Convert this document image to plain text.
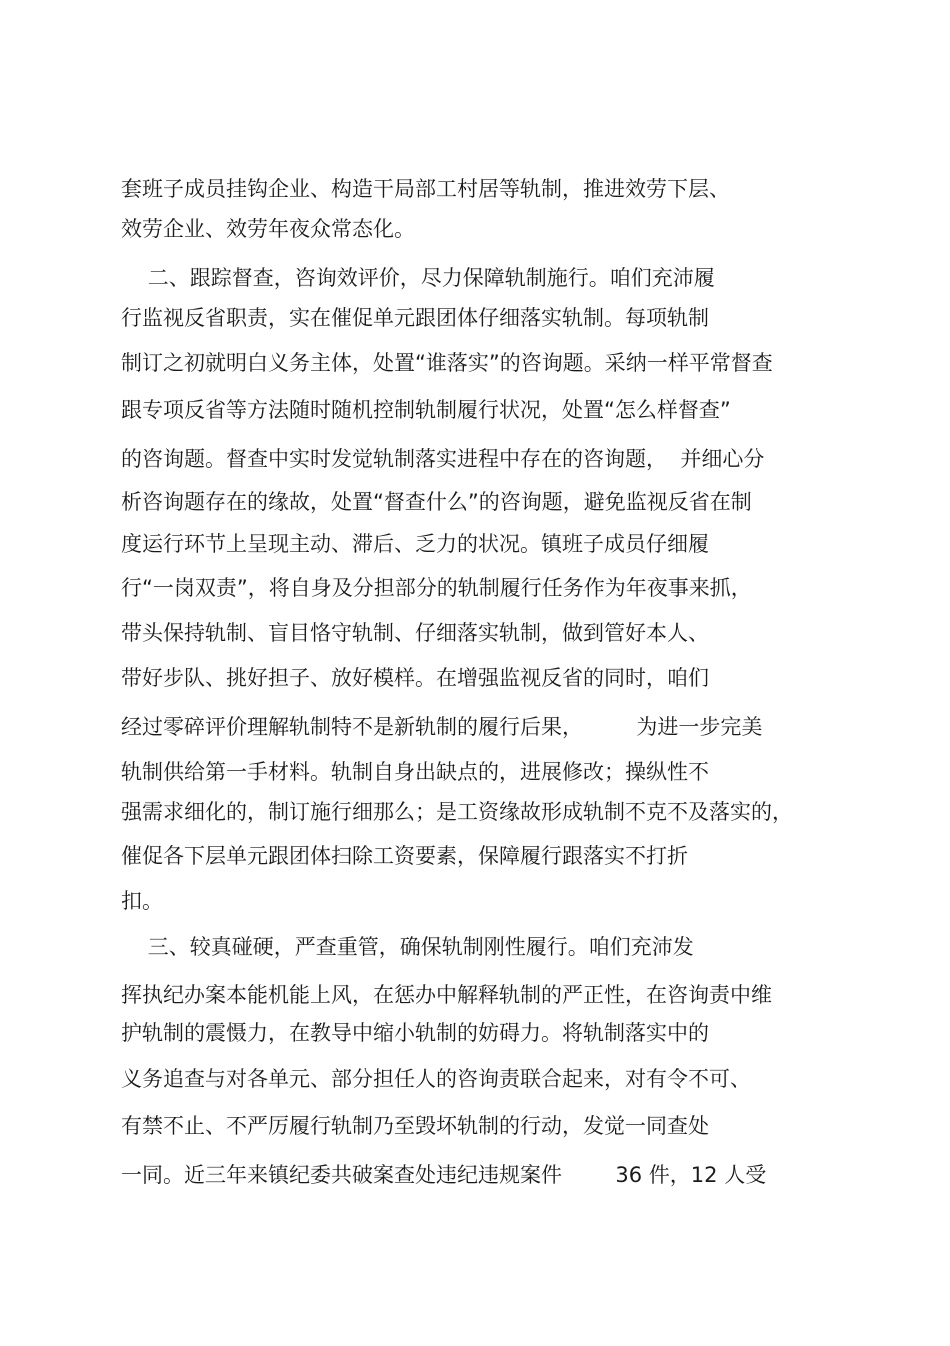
套班子成员挂钩企业、构造干局部工村居等轨制，推进效劳下层、
效劳企业、效劳年夜众常态化。
二、跟踪督查，咨询效评价，尽力保障轨制施行。咱们充沛履
行监视反省职责，实在催促单元跟团体仔细落实轨制。每项轨制
制订之初就明白义务主体，处置“谁落实”的咨询题。采纳一样平常督查
跟专项反省等方法随时随机控制轨制履行状况，处置“怎么样督查”
的咨询题。督查中实时发觉轨制落实进程中存在的咨询题，  并细心分
析咨询题存在的缘故，处置“督查什么”的咨询题，避免监视反省在制
度运行环节上呈现主动、滞后、乏力的状况。镇班子成员仔细履
行“一岗双责”，将自身及分担部分的轨制履行任务作为年夜事来抓，
带头保持轨制、盲目恪守轨制、仔细落实轨制，做到管好本人、
带好步队、挑好担子、放好模样。在增强监视反省的同时，咱们
经过零碎评价理解轨制特不是新轨制的履行后果，        为进一步完美
轨制供给第一手材料。轨制自身出缺点的，进展修改；操纵性不
强需求细化的，制订施行细那么；是工资缘故形成轨制不克不及落实的，
催促各下层单元跟团体扫除工资要素，保障履行跟落实不打折
扣。
三、较真碰硬，严查重管，确保轨制刚性履行。咱们充沛发
挥执纪办案本能机能上风，在惩办中解释轨制的严正性，在咨询责中维
护轨制的震慑力，在教导中缩小轨制的妨碍力。将轨制落实中的
义务追查与对各单元、部分担任人的咨询责联合起来，对有令不可、
有禁不止、不严厉履行轨制乃至毁坏轨制的行动，发觉一同查处
一同。近三年来镇纪委共破案查处违纪违规案件        36 件，12 人受
